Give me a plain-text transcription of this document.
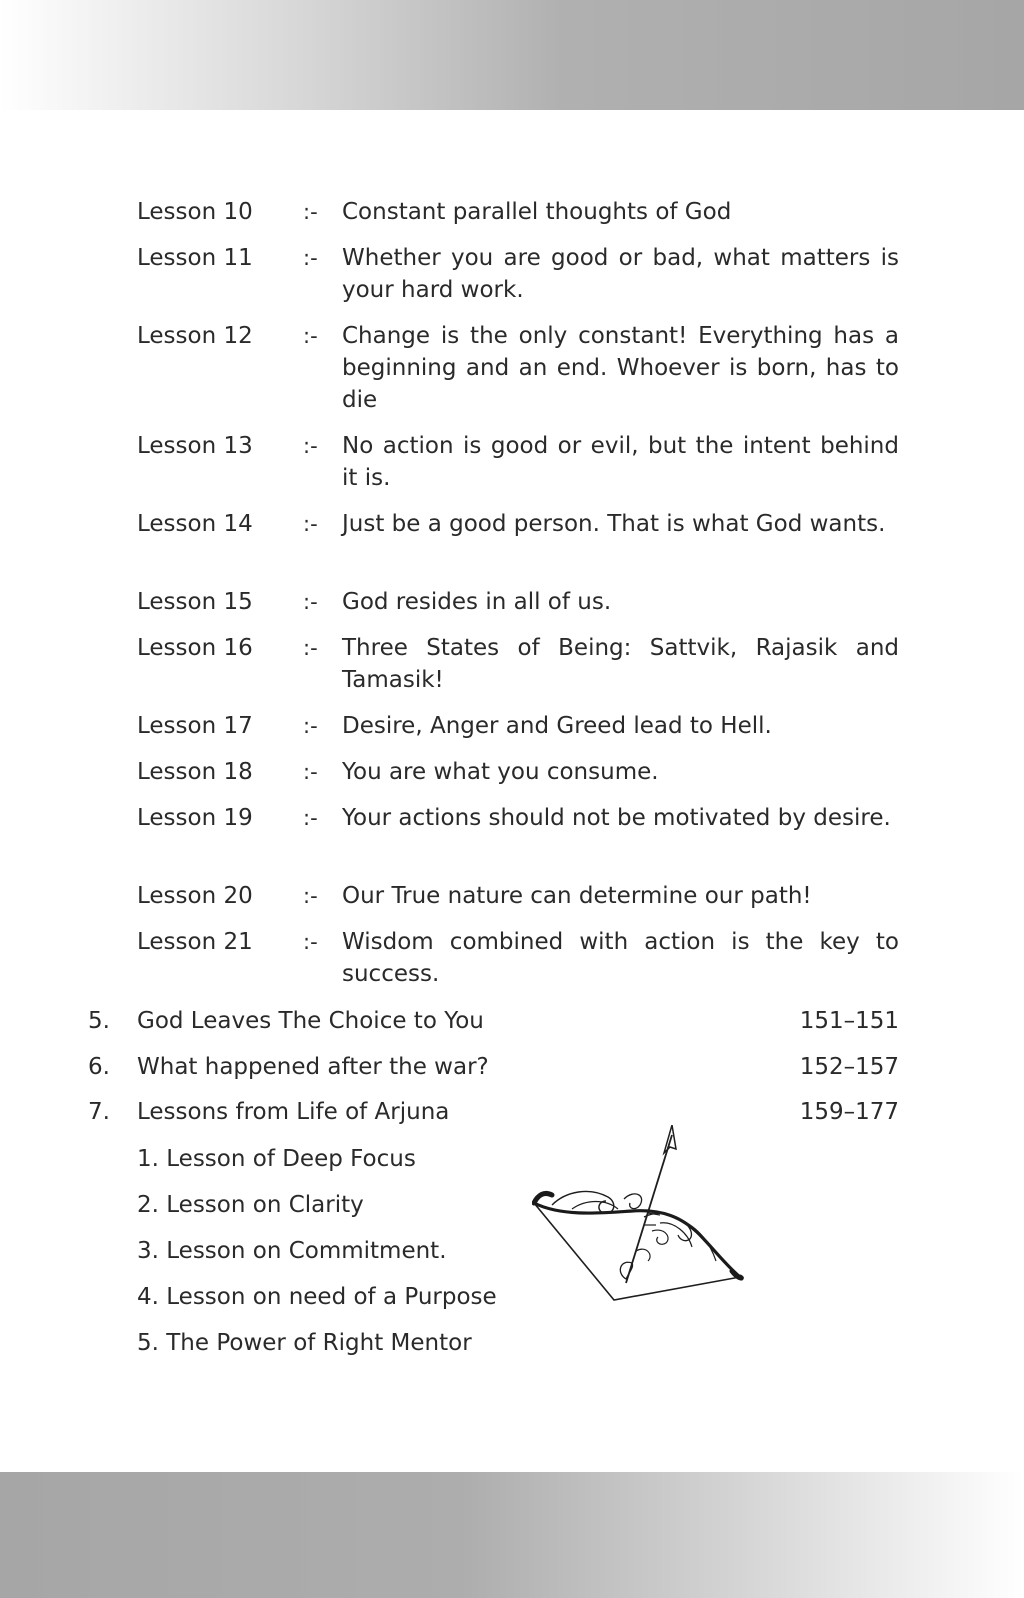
Lesson 10 :- Constant parallel thoughts of God
Lesson 11 :- Whether you are good or bad, what matters is your hard work.
Lesson 12 :- Change is the only constant! Everything has a beginning and an end. Whoever is born, has to die
Lesson 13 :- No action is good or evil, but the intent behind it is.
Lesson 14 :- Just be a good person. That is what God wants.
Lesson 15 :- God resides in all of us.
Lesson 16 :- Three States of Being: Sattvik, Rajasik and Tamasik!
Lesson 17 :- Desire, Anger and Greed lead to Hell.
Lesson 18 :- You are what you consume.
Lesson 19 :- Your actions should not be motivated by desire.
Lesson 20 :- Our True nature can determine our path!
Lesson 21 :- Wisdom combined with action is the key to success.
5. God Leaves The Choice to You	151–151
6. What happened after the war?	152–157
7. Lessons from Life of Arjuna	159–177
1. Lesson of Deep Focus
2. Lesson on Clarity
3. Lesson on Commitment.
4. Lesson on need of a Purpose
5. The Power of Right Mentor
